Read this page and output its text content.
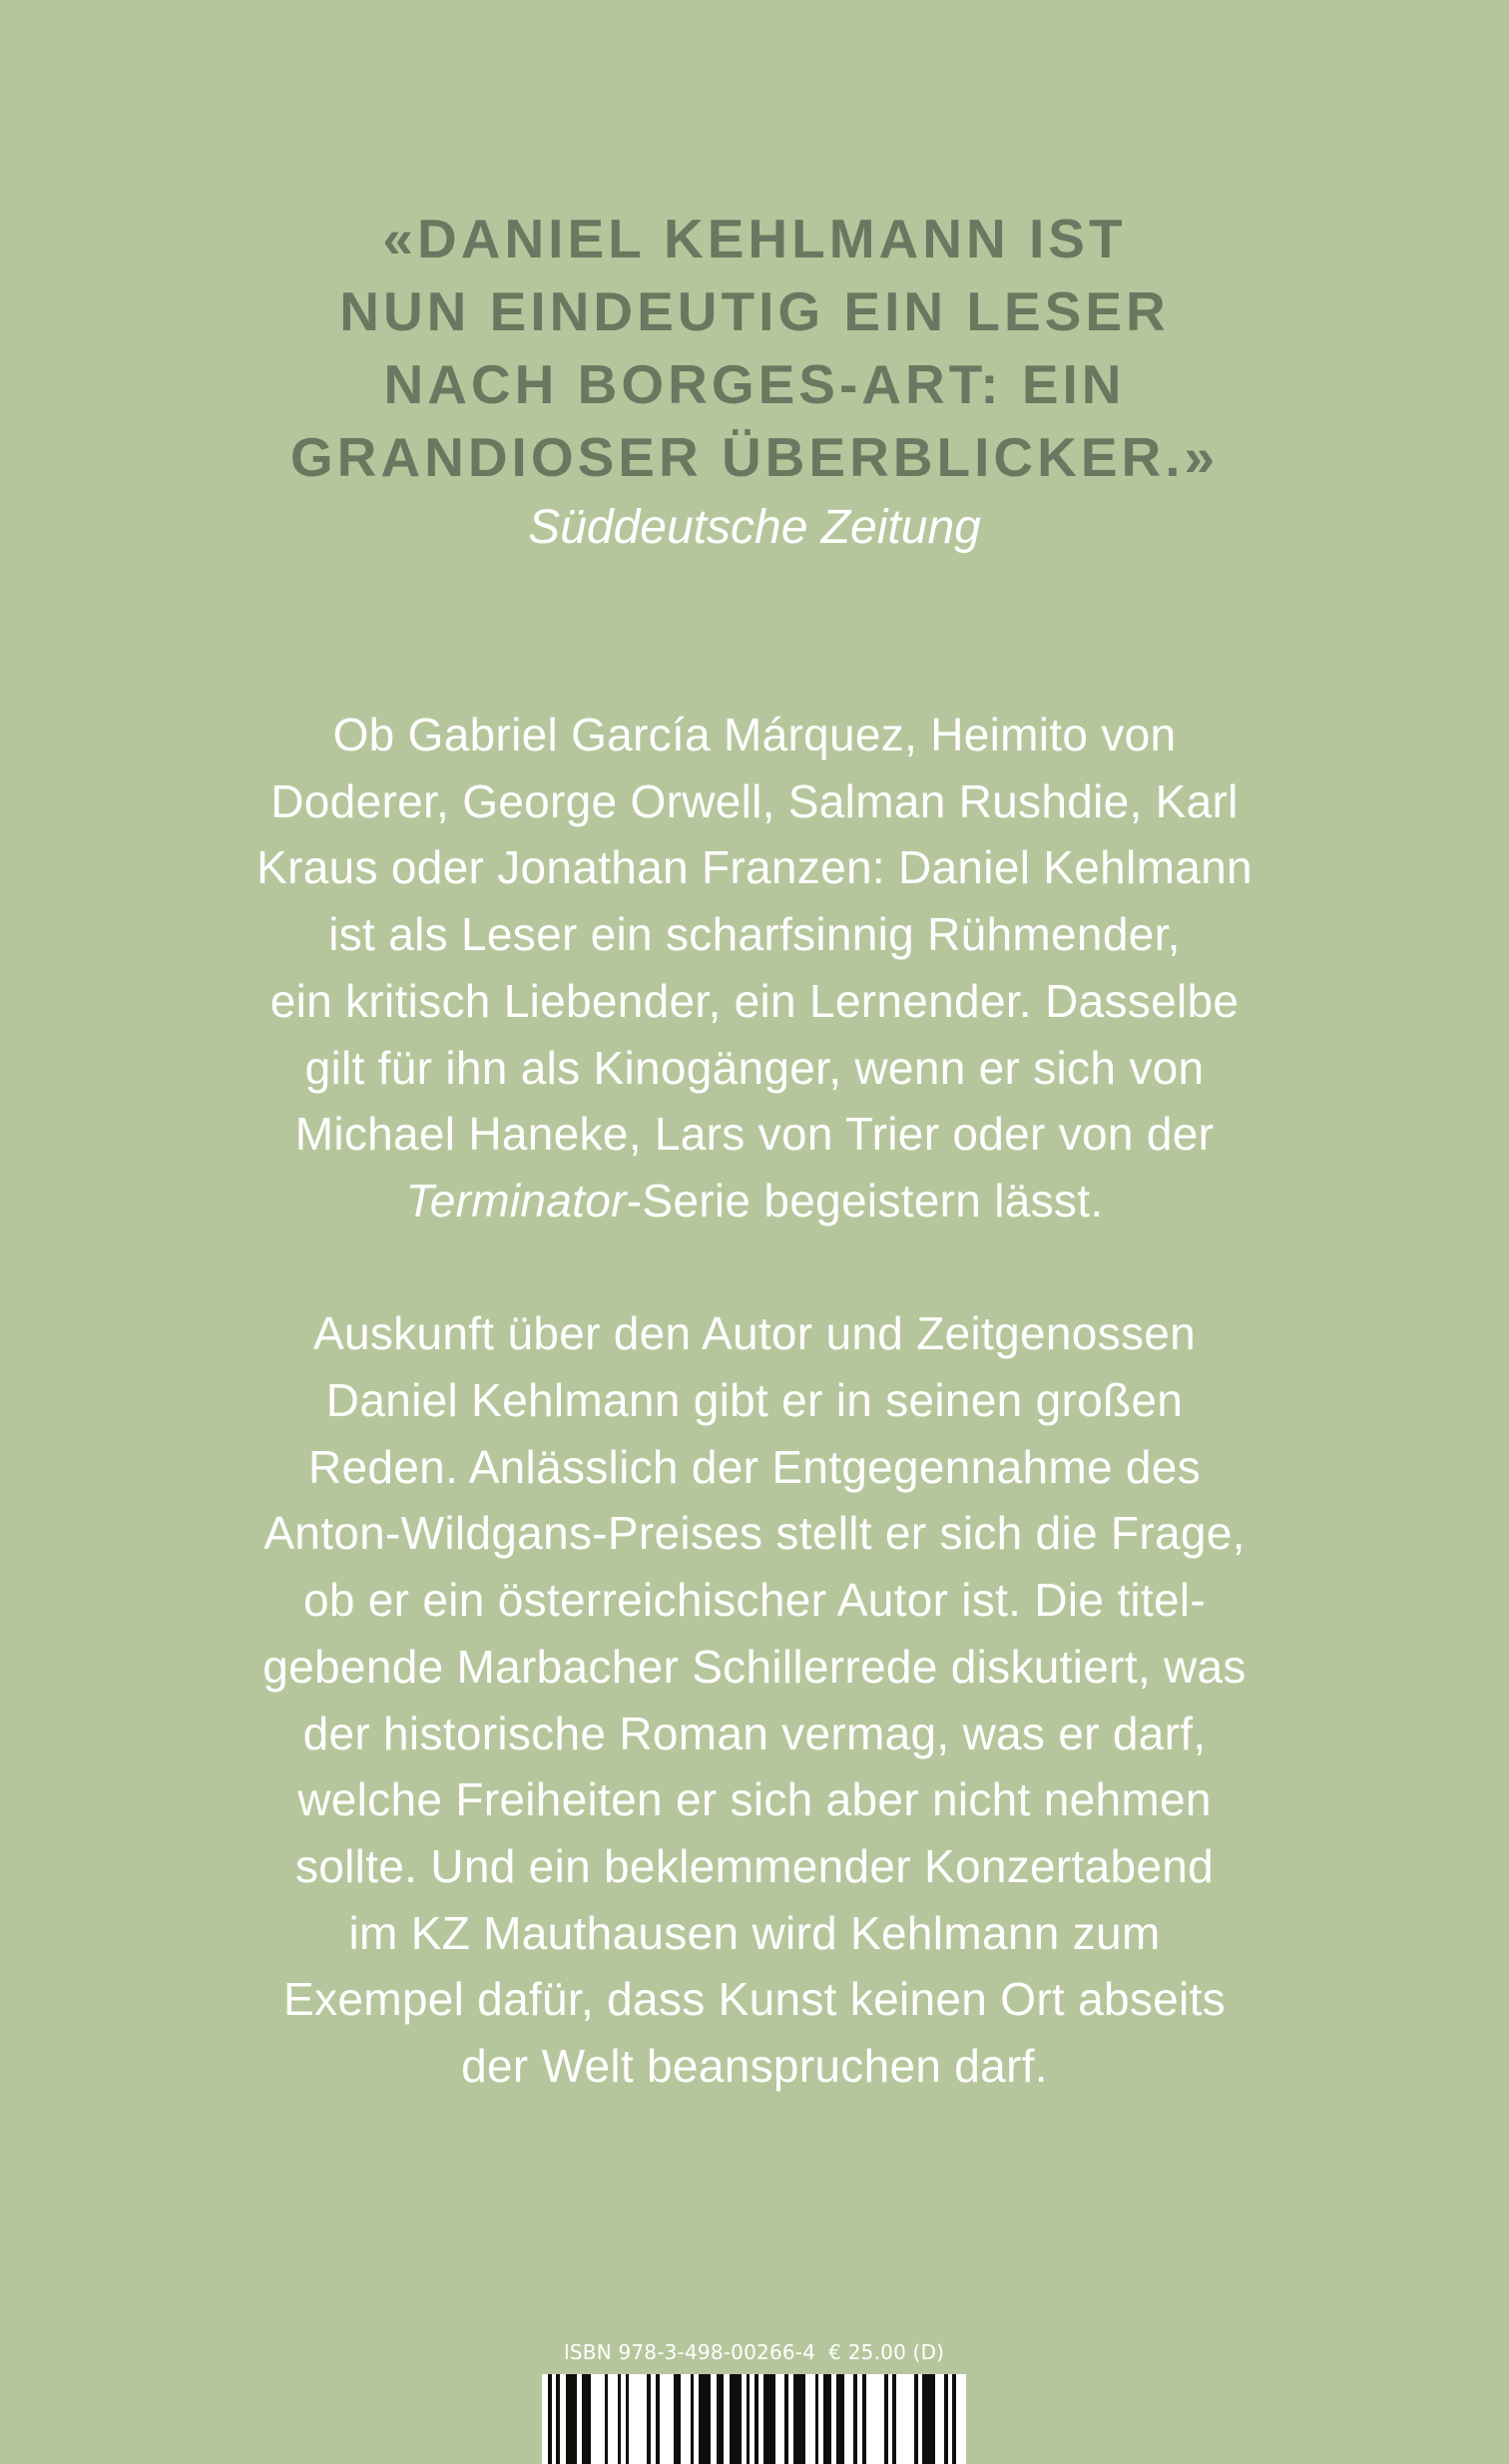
«DANIEL KEHLMANN IST
NUN EINDEUTIG EIN LESER
NACH BORGES-ART: EIN
GRANDIOSER ÜBERBLICKER.»
Süddeutsche Zeitung
Ob Gabriel García Márquez, Heimito von
Doderer, George Orwell, Salman Rushdie, Karl
Kraus oder Jonathan Franzen: Daniel Kehlmann
ist als Leser ein scharfsinnig Rühmender,
ein kritisch Liebender, ein Lernender. Dasselbe
gilt für ihn als Kinogänger, wenn er sich von
Michael Haneke, Lars von Trier oder von der
Terminator-Serie begeistern lässt.
Auskunft über den Autor und Zeitgenossen
Daniel Kehlmann gibt er in seinen großen
Reden. Anlässlich der Entgegennahme des
Anton-Wildgans-Preises stellt er sich die Frage,
ob er ein österreichischer Autor ist. Die titel-
gebende Marbacher Schillerrede diskutiert, was
der historische Roman vermag, was er darf,
welche Freiheiten er sich aber nicht nehmen
sollte. Und ein beklemmender Konzertabend
im KZ Mauthausen wird Kehlmann zum
Exempel dafür, dass Kunst keinen Ort abseits
der Welt beanspruchen darf.
ISBN 978-3-498-00266-4 € 25.00 (D)
